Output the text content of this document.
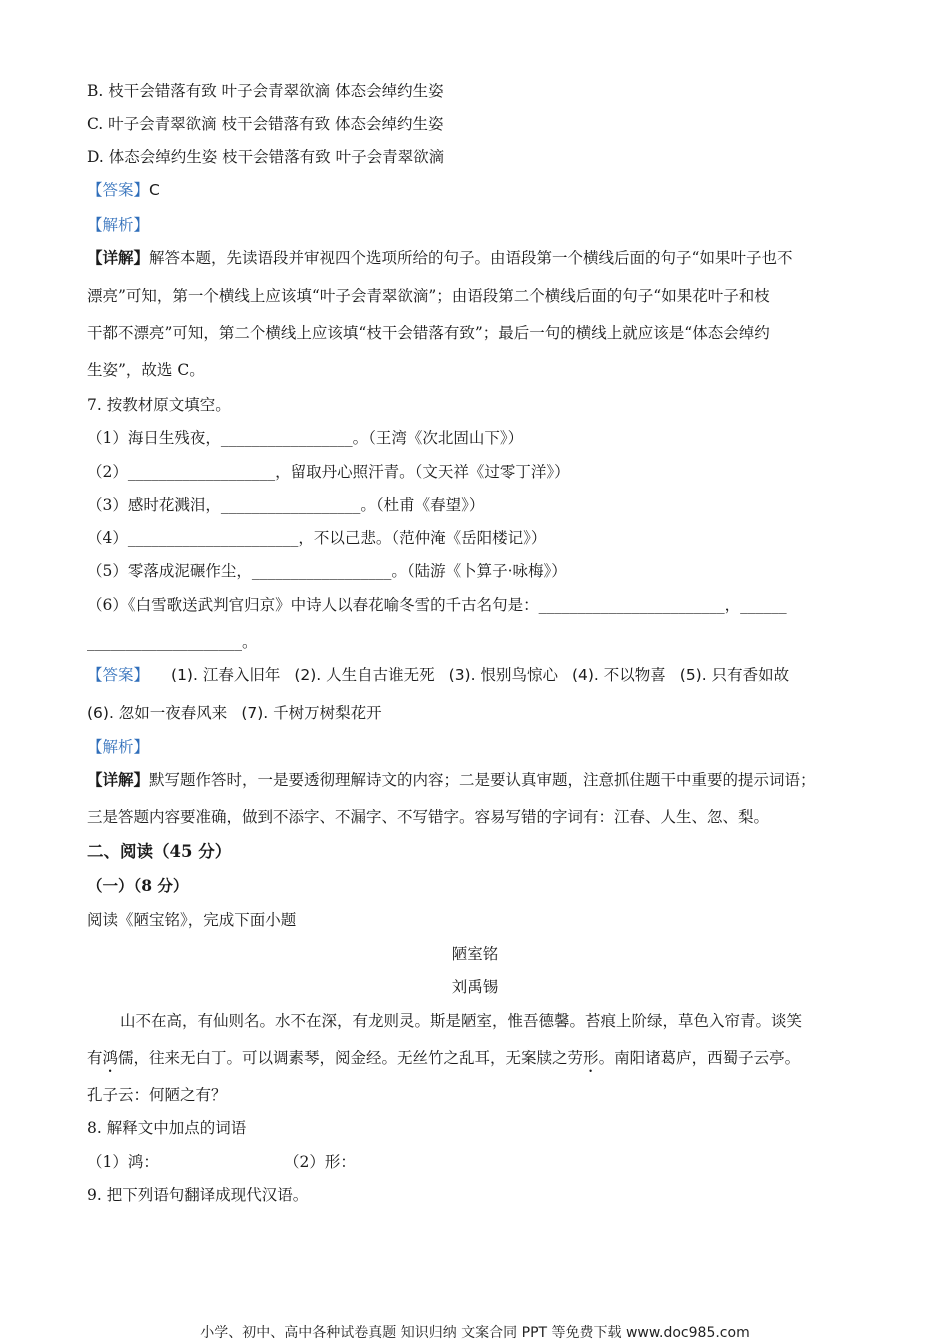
B. 枝干会错落有致 叶子会青翠欲滴 体态会绰约生姿
C. 叶子会青翠欲滴 枝干会错落有致 体态会绰约生姿
D. 体态会绰约生姿 枝干会错落有致 叶子会青翠欲滴
【答案】C
【解析】
【详解】解答本题，先读语段并审视四个选项所给的句子。由语段第一个横线后面的句子“如果叶子也不
漂亮”可知，第一个横线上应该填“叶子会青翠欲滴”；由语段第二个横线后面的句子“如果花叶子和枝
干都不漂亮”可知，第二个横线上应该填“枝干会错落有致”；最后一句的横线上就应该是“体态会绰约
生姿”，故选 C。
7. 按教材原文填空。
（1）海日生残夜，_________________。（王湾《次北固山下》）
（2）___________________，留取丹心照汗青。（文天祥《过零丁洋》）
（3）感时花溅泪，__________________。（杜甫《春望》）
（4）______________________，不以己悲。（范仲淹《岳阳楼记》）
（5）零落成泥碾作尘，__________________。（陆游《卜算子·咏梅》）
（6）《白雪歌送武判官归京》中诗人以春花喻冬雪的千古名句是：________________________，______
____________________。
【答案】 (1). 江春入旧年 (2). 人生自古谁无死 (3). 恨别鸟惊心 (4). 不以物喜 (5). 只有香如故
(6). 忽如一夜春风来 (7). 千树万树梨花开
【解析】
【详解】默写题作答时，一是要透彻理解诗文的内容；二是要认真审题，注意抓住题干中重要的提示词语；
三是答题内容要准确，做到不添字、不漏字、不写错字。容易写错的字词有：江春、人生、忽、梨。
二、阅读（45 分）
（一）（8 分）
阅读《陋宝铭》，完成下面小题
陋室铭
刘禹锡
山不在高，有仙则名。水不在深，有龙则灵。斯是陋室，惟吾德馨。苔痕上阶绿，草色入帘青。谈笑
有鸿儒，往来无白丁。可以调素琴，阅金经。无丝竹之乱耳，无案牍之劳形。南阳诸葛庐，西蜀子云亭。
孔子云：何陋之有？
8. 解释文中加点的词语
（1）鸿：	（2）形：
9. 把下列语句翻译成现代汉语。
小学、初中、高中各种试卷真题 知识归纳 文案合同 PPT 等免费下载 www.doc985.com
